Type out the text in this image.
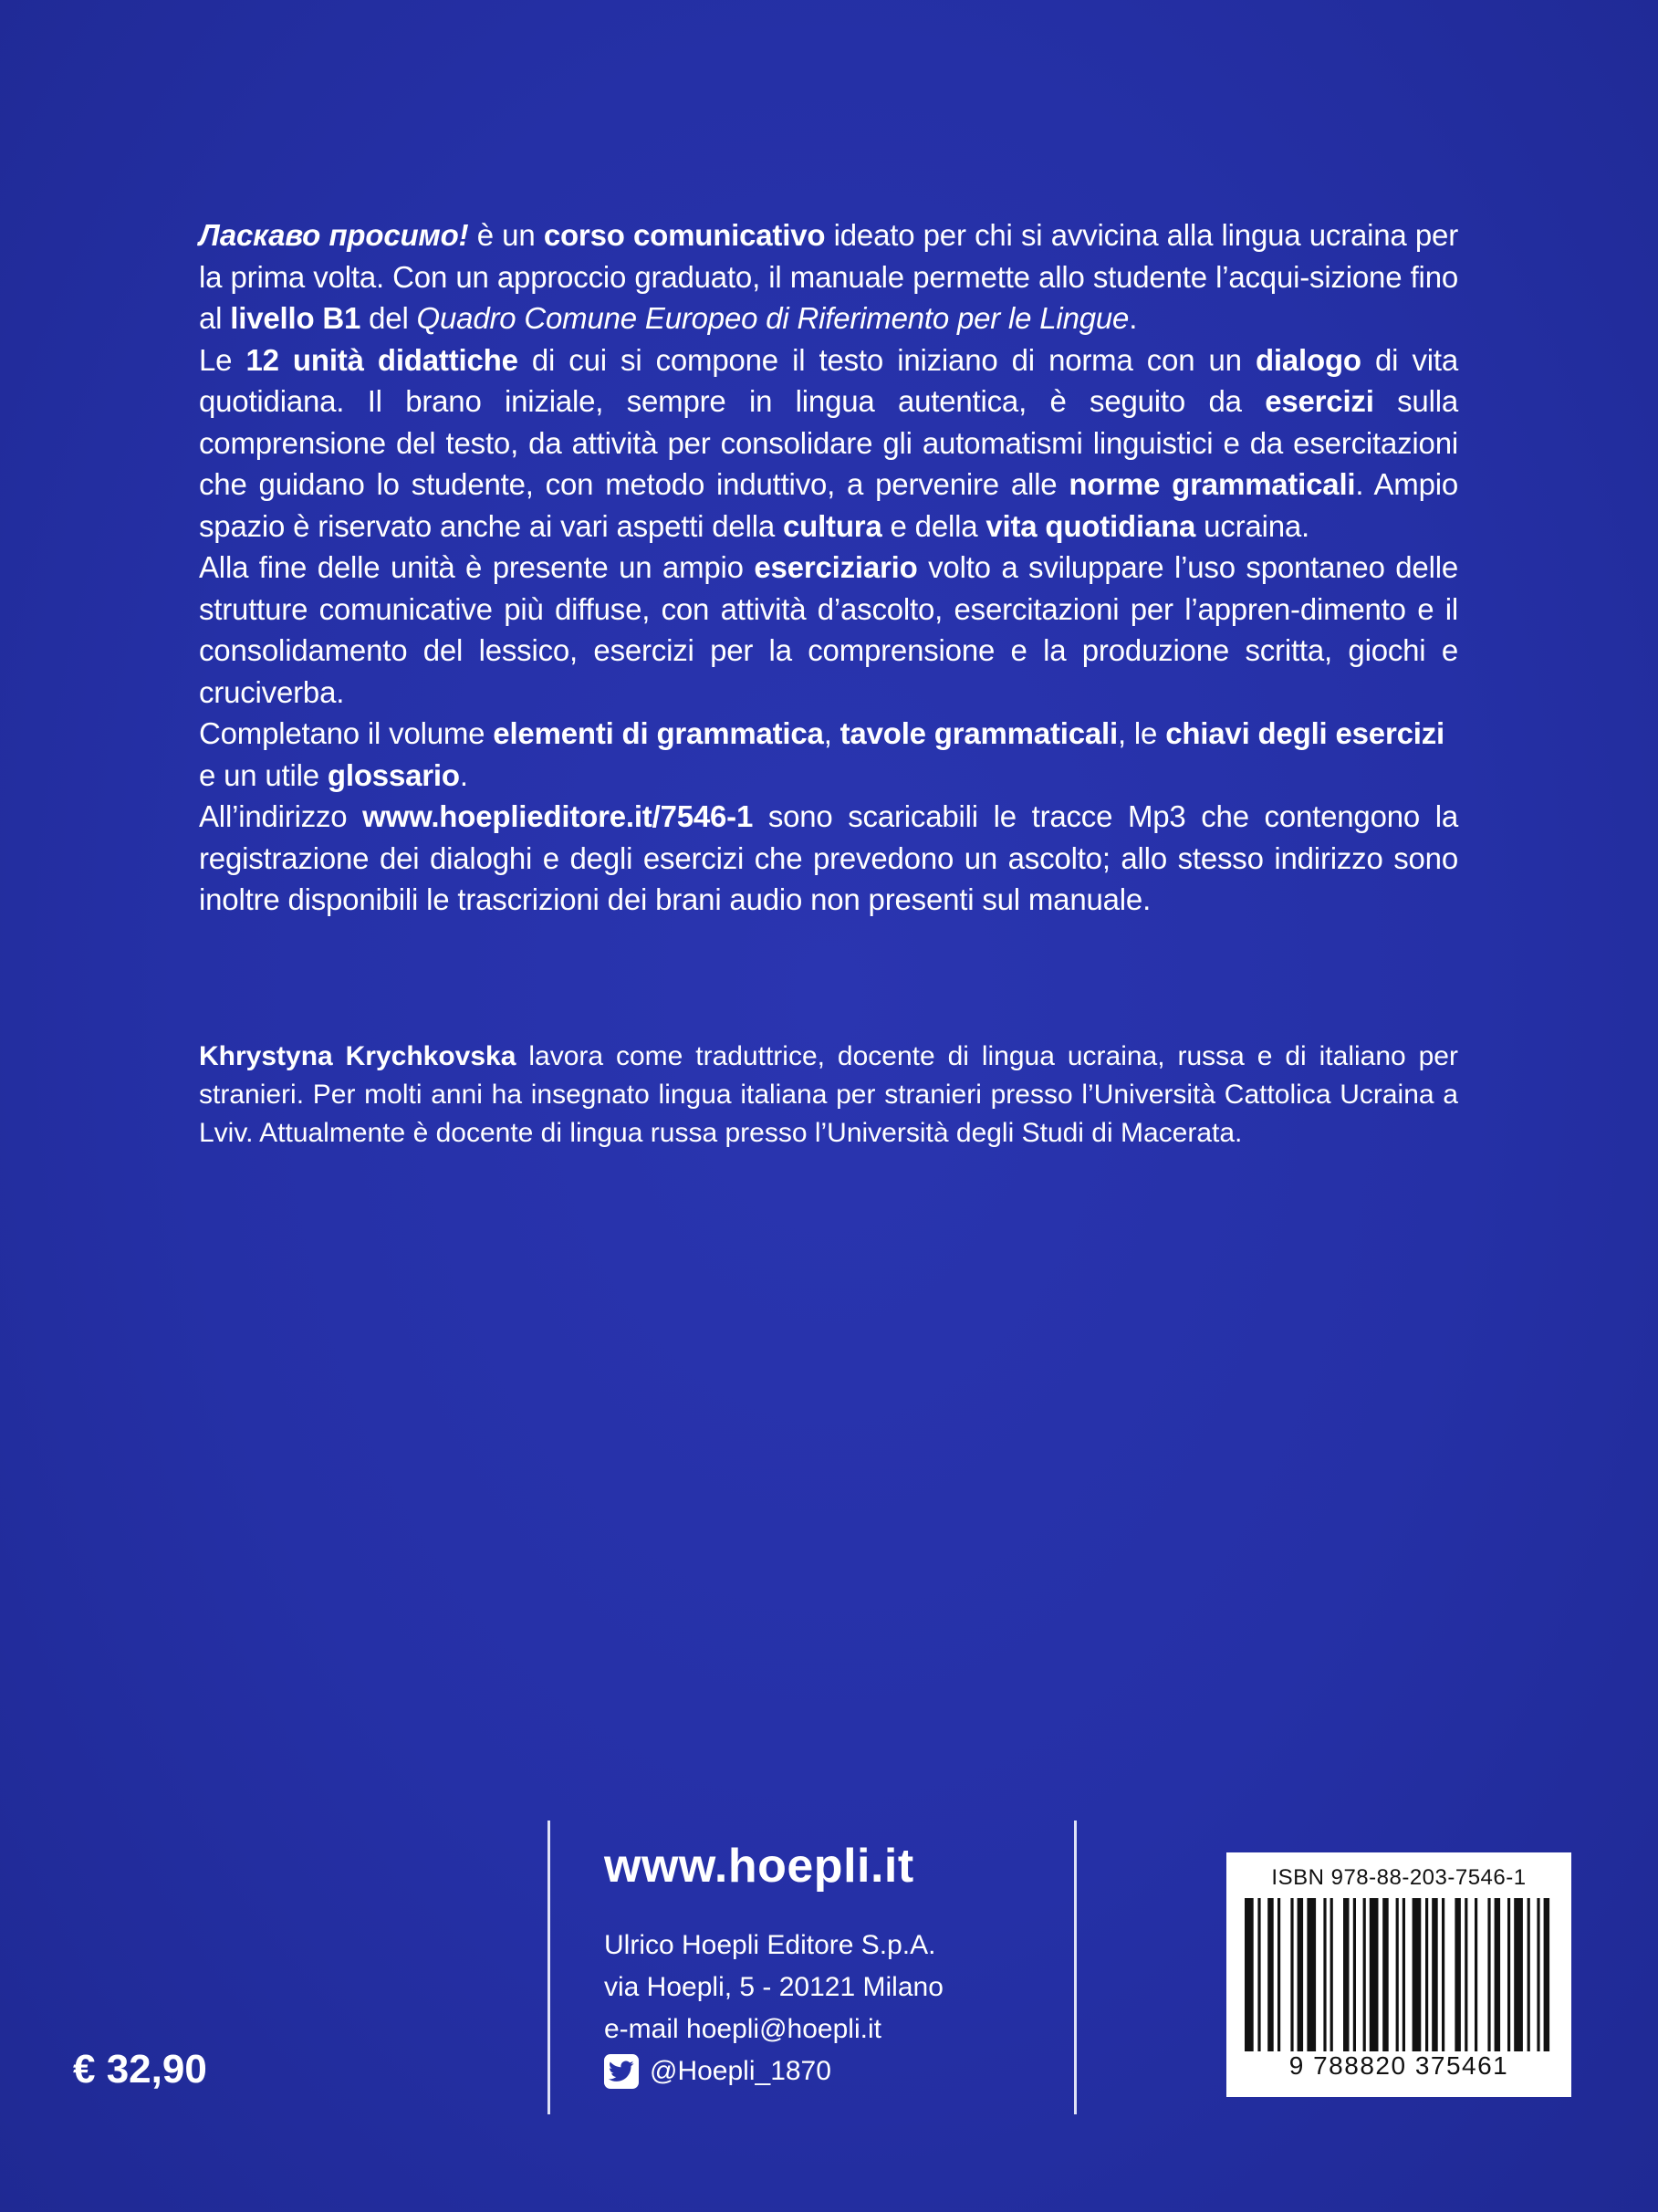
Ласкаво просимо! è un corso comunicativo ideato per chi si avvicina alla lingua ucraina per la prima volta. Con un approccio graduato, il manuale permette allo studente l’acqui-sizione fino al livello B1 del Quadro Comune Europeo di Riferimento per le Lingue.

Le 12 unità didattiche di cui si compone il testo iniziano di norma con un dialogo di vita quotidiana. Il brano iniziale, sempre in lingua autentica, è seguito da esercizi sulla comprensione del testo, da attività per consolidare gli automatismi linguistici e da esercitazioni che guidano lo studente, con metodo induttivo, a pervenire alle norme grammaticali. Ampio spazio è riservato anche ai vari aspetti della cultura e della vita quotidiana ucraina.

Alla fine delle unità è presente un ampio eserciziario volto a sviluppare l’uso spontaneo delle strutture comunicative più diffuse, con attività d’ascolto, esercitazioni per l’appren-dimento e il consolidamento del lessico, esercizi per la comprensione e la produzione scritta, giochi e cruciverba.

Completano il volume elementi di grammatica, tavole grammaticali, le chiavi degli esercizi e un utile glossario.

All’indirizzo www.hoeplieditore.it/7546-1 sono scaricabili le tracce Mp3 che contengono la registrazione dei dialoghi e degli esercizi che prevedono un ascolto; allo stesso indirizzo sono inoltre disponibili le trascrizioni dei brani audio non presenti sul manuale.

Khrystyna Krychkovska lavora come traduttrice, docente di lingua ucraina, russa e di italiano per stranieri. Per molti anni ha insegnato lingua italiana per stranieri presso l’Università Cattolica Ucraina a Lviv. Attualmente è docente di lingua russa presso l’Università degli Studi di Macerata.

www.hoepli.it
Ulrico Hoepli Editore S.p.A.
via Hoepli, 5 - 20121 Milano
e-mail hoepli@hoepli.it
@Hoepli_1870
€ 32,90
ISBN 978-88-203-7546-1
9 788820 375461
